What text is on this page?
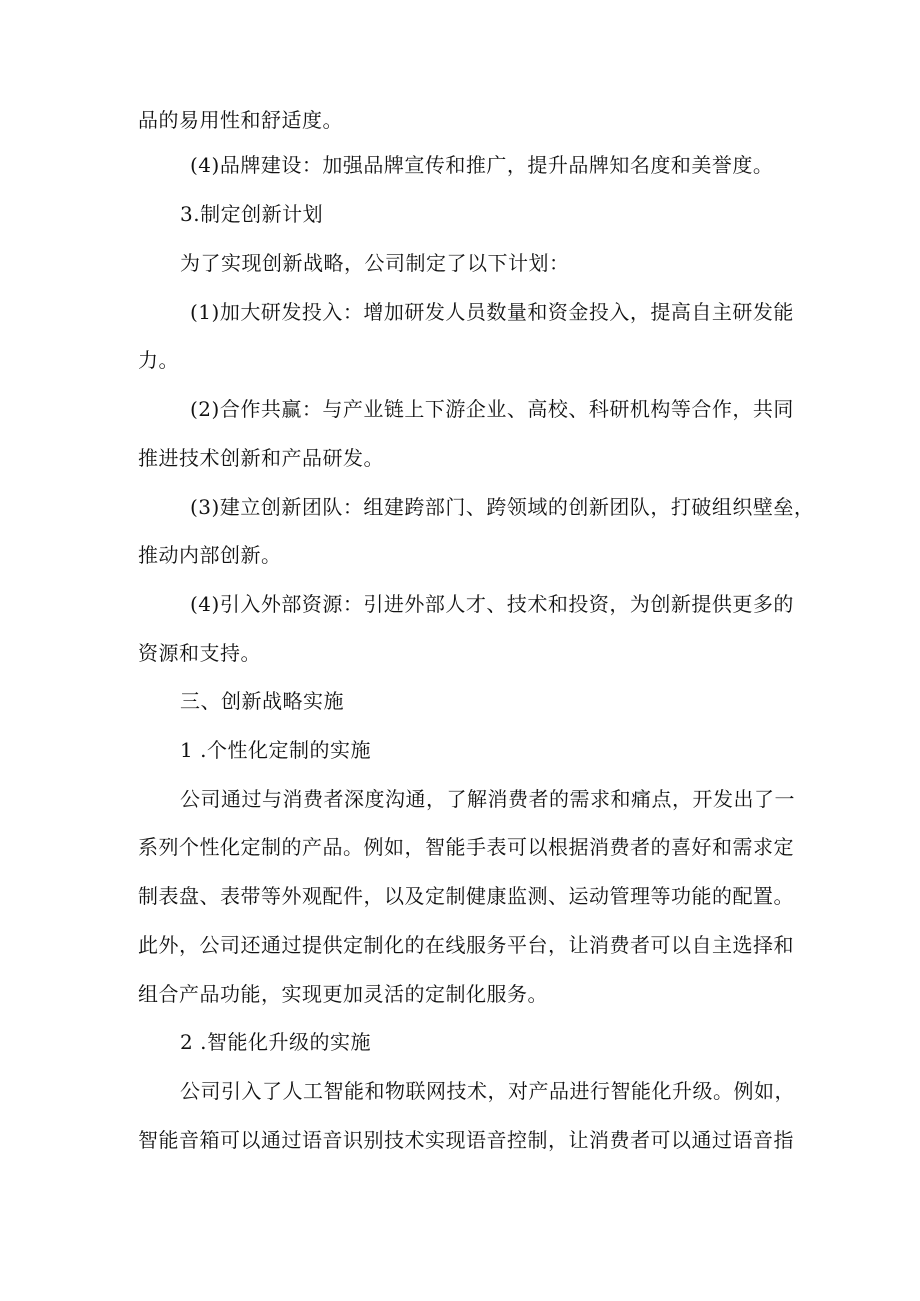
品的易用性和舒适度。
(4)品牌建设：加强品牌宣传和推广，提升品牌知名度和美誉度。
3.制定创新计划
为了实现创新战略，公司制定了以下计划：
(1)加大研发投入：增加研发人员数量和资金投入，提高自主研发能
力。
(2)合作共赢：与产业链上下游企业、高校、科研机构等合作，共同
推进技术创新和产品研发。
(3)建立创新团队：组建跨部门、跨领域的创新团队，打破组织壁垒，
推动内部创新。
(4)引入外部资源：引进外部人才、技术和投资，为创新提供更多的
资源和支持。
三、创新战略实施
1 .个性化定制的实施
公司通过与消费者深度沟通，了解消费者的需求和痛点，开发出了一
系列个性化定制的产品。例如，智能手表可以根据消费者的喜好和需求定
制表盘、表带等外观配件，以及定制健康监测、运动管理等功能的配置。
此外，公司还通过提供定制化的在线服务平台，让消费者可以自主选择和
组合产品功能，实现更加灵活的定制化服务。
2 .智能化升级的实施
公司引入了人工智能和物联网技术，对产品进行智能化升级。例如，
智能音箱可以通过语音识别技术实现语音控制，让消费者可以通过语音指
